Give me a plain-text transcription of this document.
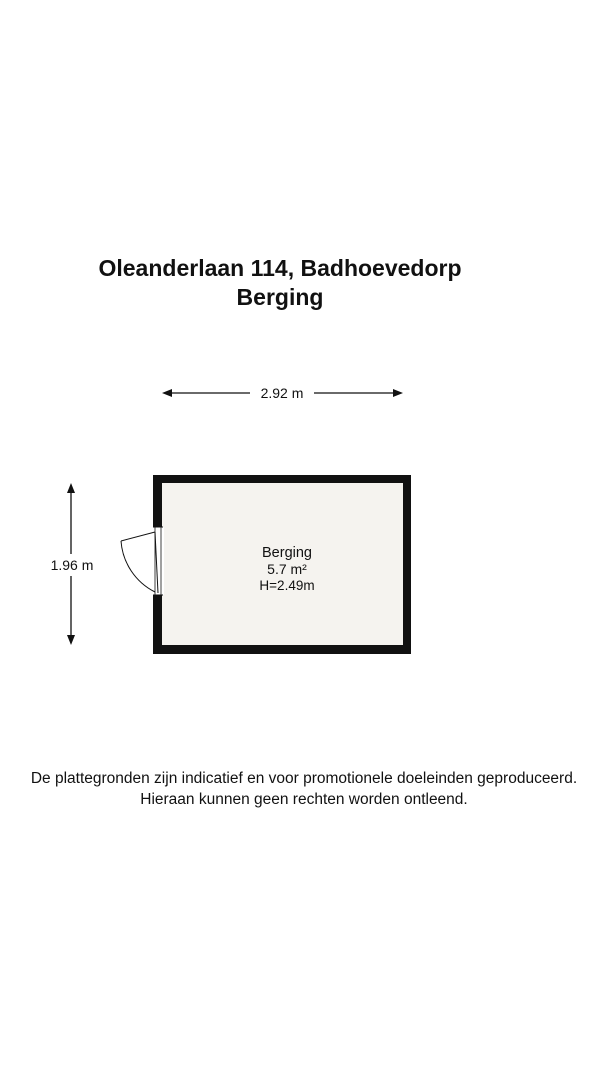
Oleanderlaan 114, Badhoevedorp
Berging
2.92 m
1.96 m
Berging
5.7 m²
H=2.49m
De plattegronden zijn indicatief en voor promotionele doeleinden geproduceerd.
Hieraan kunnen geen rechten worden ontleend.
